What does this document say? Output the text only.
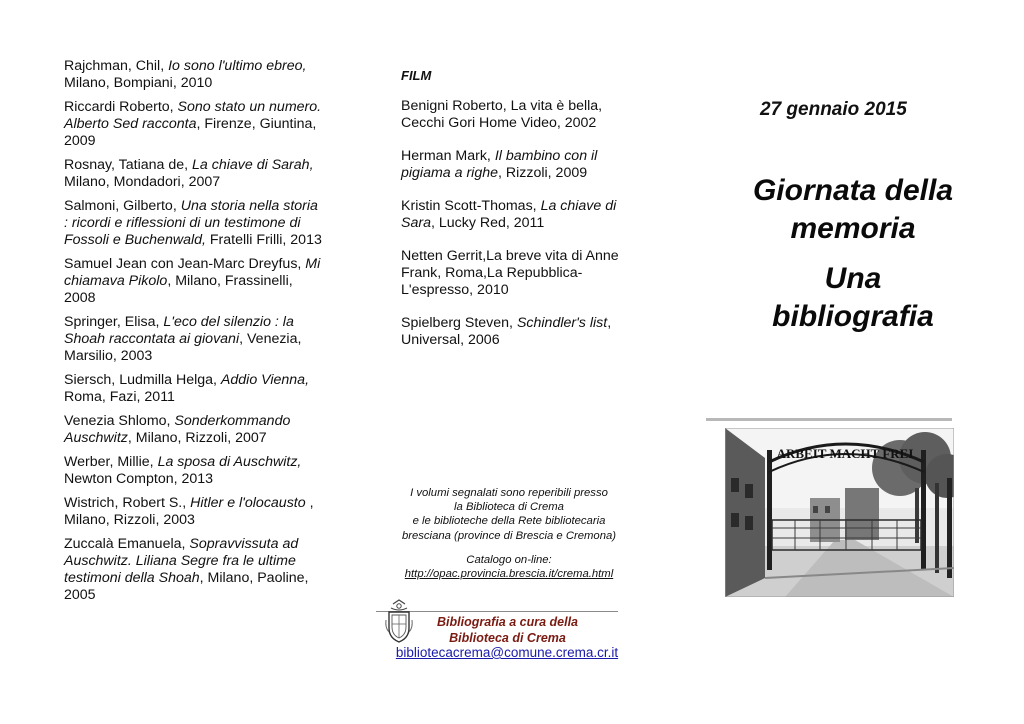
Rajchman, Chil, Io sono l'ultimo ebreo, Milano, Bompiani, 2010

Riccardi Roberto, Sono stato un numero. Alberto Sed racconta, Firenze, Giuntina, 2009

Rosnay, Tatiana de, La chiave di Sarah, Milano, Mondadori, 2007

Salmoni, Gilberto, Una storia nella storia : ricordi e riflessioni di un testimone di Fossoli e Buchenwald, Fratelli Frilli, 2013

Samuel Jean con Jean-Marc Dreyfus, Mi chiamava Pikolo, Milano, Frassinelli, 2008

Springer, Elisa, L'eco del silenzio : la Shoah raccontata ai giovani, Venezia, Marsilio, 2003

Siersch, Ludmilla Helga, Addio Vienna, Roma, Fazi, 2011

Venezia Shlomo, Sonderkommando Auschwitz, Milano, Rizzoli, 2007

Werber, Millie, La sposa di Auschwitz, Newton Compton, 2013

Wistrich, Robert S., Hitler e l'olocausto , Milano, Rizzoli, 2003

Zuccalà Emanuela, Sopravvissuta ad Auschwitz. Liliana Segre fra le ultime testimoni della Shoah, Milano, Paoline, 2005

FILM

Benigni Roberto, La vita è bella, Cecchi Gori Home Video, 2002

Herman Mark, Il bambino con il pigiama a righe, Rizzoli, 2009

Kristin Scott-Thomas, La chiave di Sara, Lucky Red, 2011

Netten Gerrit,La breve vita di Anne Frank, Roma,La Repubblica-L'espresso, 2010

Spielberg Steven, Schindler's list, Universal, 2006

I volumi segnalati sono reperibili presso

la Biblioteca di Crema

e le biblioteche della Rete bibliotecaria

bresciana (province di Brescia e Cremona)

Catalogo on-line:

http://opac.provincia.brescia.it/crema.html

Bibliografia a cura della

Biblioteca di Crema

bibliotecacrema@comune.crema.cr.it
27 gennaio 2015

Giornata della

memoria

Una

bibliografia

ARBEIT MACHT FREI
